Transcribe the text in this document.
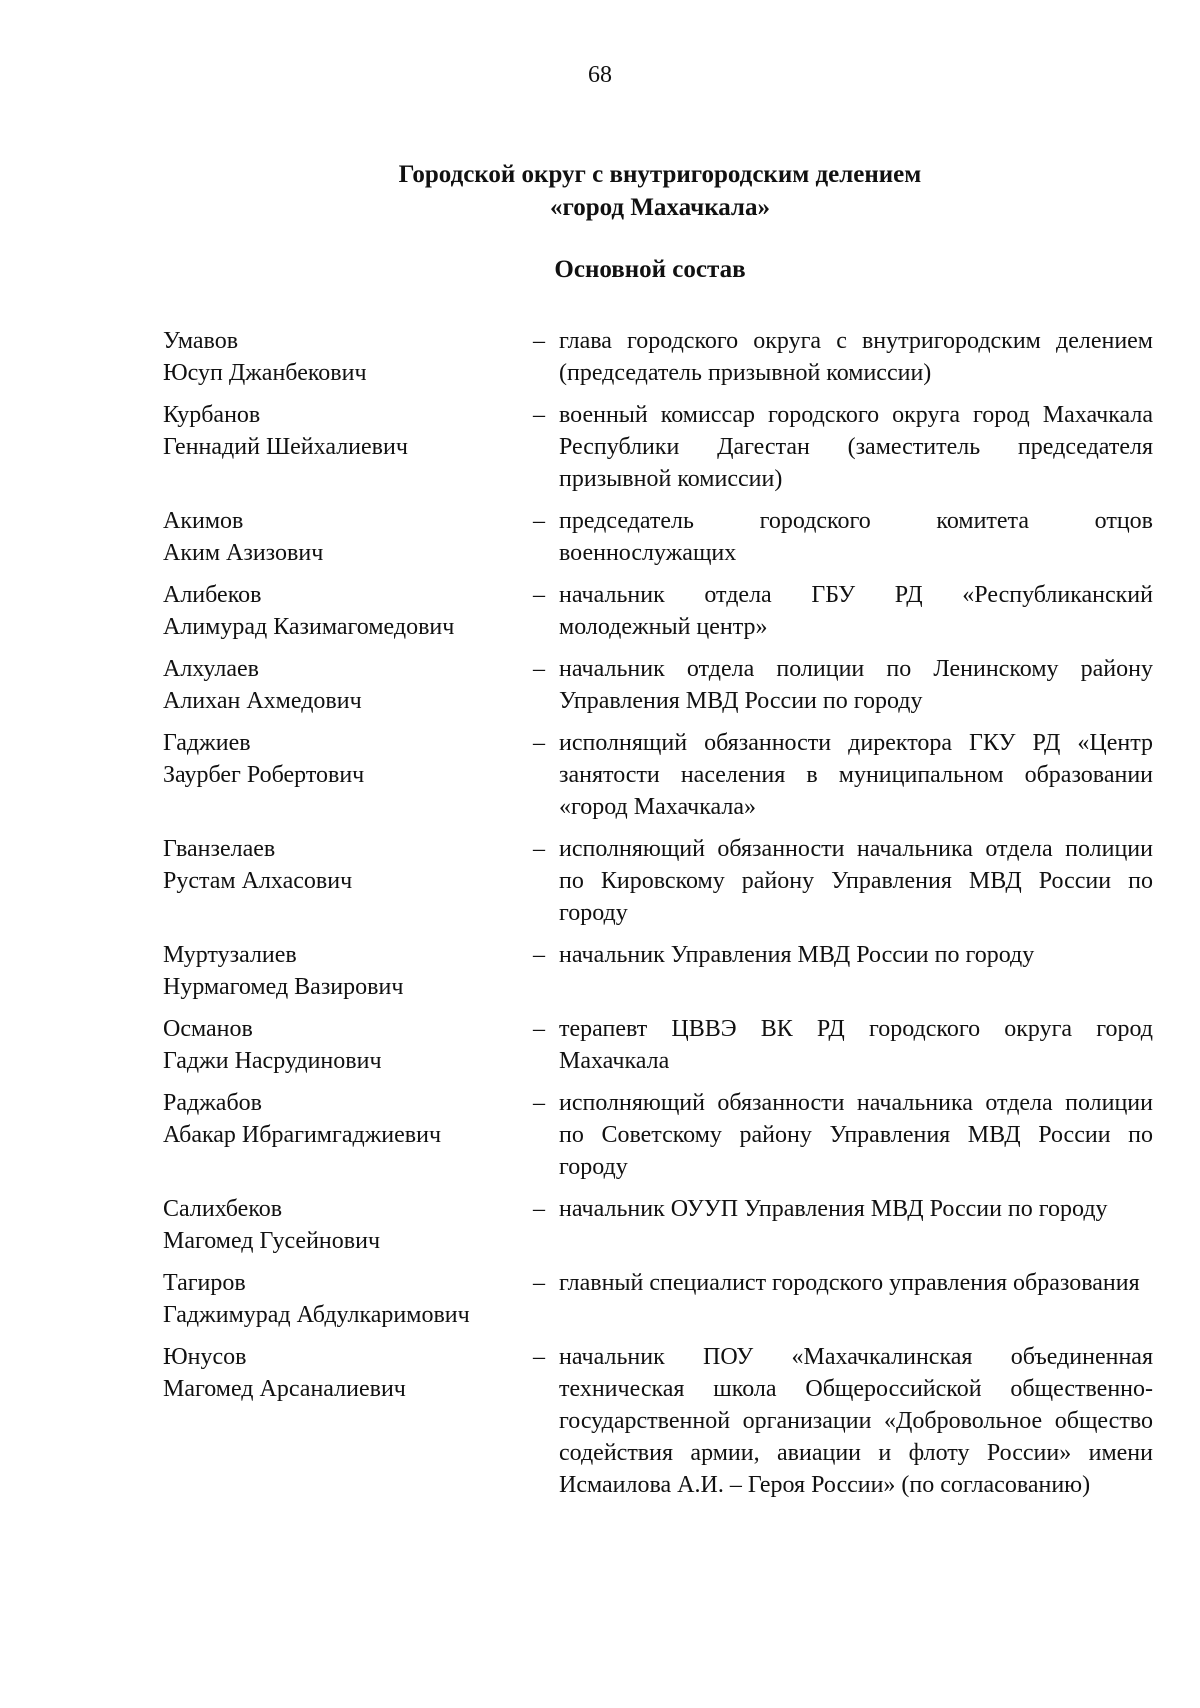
68
Городской округ с внутригородским делением
«город Махачкала»
Основной состав
Умавов
Юсуп Джанбекович
– глава городского округа с внутригородским делением (председатель призывной комиссии)
Курбанов
Геннадий Шейхалиевич
– военный комиссар городского округа город Махачкала Республики Дагестан (заместитель председателя призывной комиссии)
Акимов
Аким Азизович
– председатель городского комитета отцов военнослужащих
Алибеков
Алимурад Казимагомедович
– начальник отдела ГБУ РД «Республиканский молодежный центр»
Алхулаев
Алихан Ахмедович
– начальник отдела полиции по Ленинскому району Управления МВД России по городу
Гаджиев
Заурбег Робертович
– исполнящий обязанности директора ГКУ РД «Центр занятости населения в муниципальном образовании «город Махачкала»
Гванзелаев
Рустам Алхасович
– исполняющий обязанности начальника отдела полиции по Кировскому району Управления МВД России по городу
Муртузалиев
Нурмагомед Вазирович
– начальник Управления МВД России по городу
Османов
Гаджи Насрудинович
– терапевт ЦВВЭ ВК РД городского округа город Махачкала
Раджабов
Абакар Ибрагимгаджиевич
– исполняющий обязанности начальника отдела полиции по Советскому району Управления МВД России по городу
Салихбеков
Магомед Гусейнович
– начальник ОУУП Управления МВД России по городу
Тагиров
Гаджимурад Абдулкаримович
– главный специалист городского управления образования
Юнусов
Магомед Арсаналиевич
– начальник ПОУ «Махачкалинская объединенная техническая школа Общероссийской общественно-государственной организации «Добровольное общество содействия армии, авиации и флоту России» имени Исмаилова А.И. – Героя России» (по согласованию)
